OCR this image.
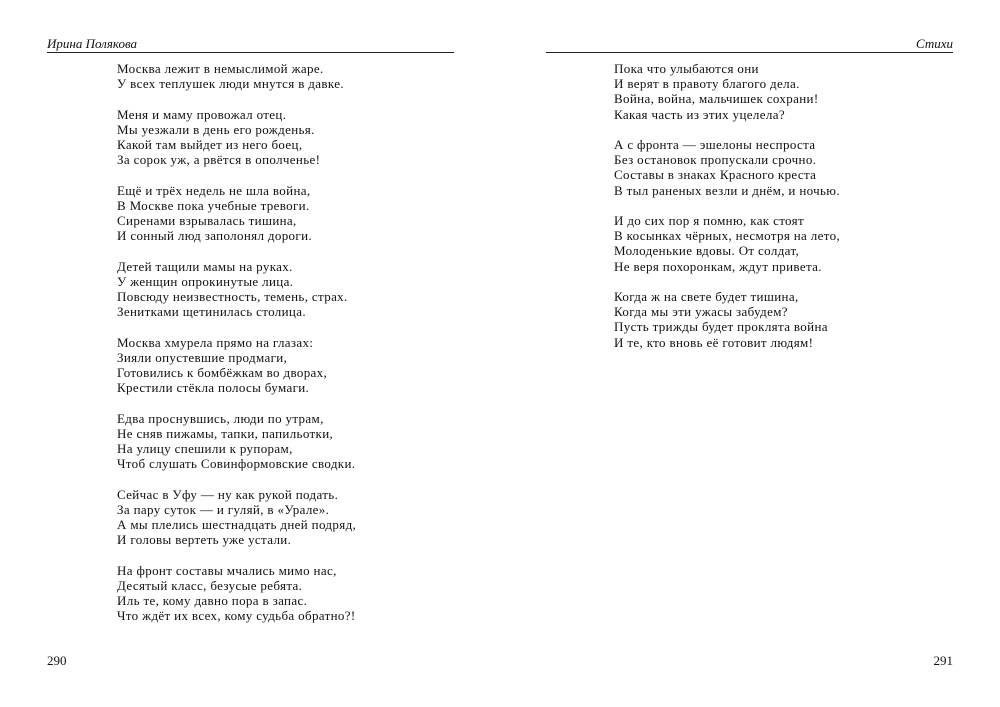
Ирина Полякова
Москва лежит в немыслимой жаре.
У всех теплушек люди мнутся в давке.
Меня и маму провожал отец.
Мы уезжали в день его рожденья.
Какой там выйдет из него боец,
За сорок уж, а рвётся в ополченье!
Ещё и трёх недель не шла война,
В Москве пока учебные тревоги.
Сиренами взрывалась тишина,
И сонный люд заполонял дороги.
Детей тащили мамы на руках.
У женщин опрокинутые лица.
Повсюду неизвестность, темень, страх.
Зенитками щетинилась столица.
Москва хмурела прямо на глазах:
Зияли опустевшие продмаги,
Готовились к бомбёжкам во дворах,
Крестили стёкла полосы бумаги.
Едва проснувшись, люди по утрам,
Не сняв пижамы, тапки, папильотки,
На улицу спешили к рупорам,
Чтоб слушать Совинформовские сводки.
Сейчас в Уфу — ну как рукой подать.
За пару суток — и гуляй, в «Урале».
А мы плелись шестнадцать дней подряд,
И головы вертеть уже устали.
На фронт составы мчались мимо нас,
Десятый класс, безусые ребята.
Иль те, кому давно пора в запас.
Что ждёт их всех, кому судьба обратно?!
290
Стихи
Пока что улыбаются они
И верят в правоту благого дела.
Война, война, мальчишек сохрани!
Какая часть из этих уцелела?
А с фронта — эшелоны неспроста
Без остановок пропускали срочно.
Составы в знаках Красного креста
В тыл раненых везли и днём, и ночью.
И до сих пор я помню, как стоят
В косынках чёрных, несмотря на лето,
Молоденькие вдовы. От солдат,
Не веря похоронкам, ждут привета.
Когда ж на свете будет тишина,
Когда мы эти ужасы забудем?
Пусть трижды будет проклята война
И те, кто вновь её готовит людям!
291
